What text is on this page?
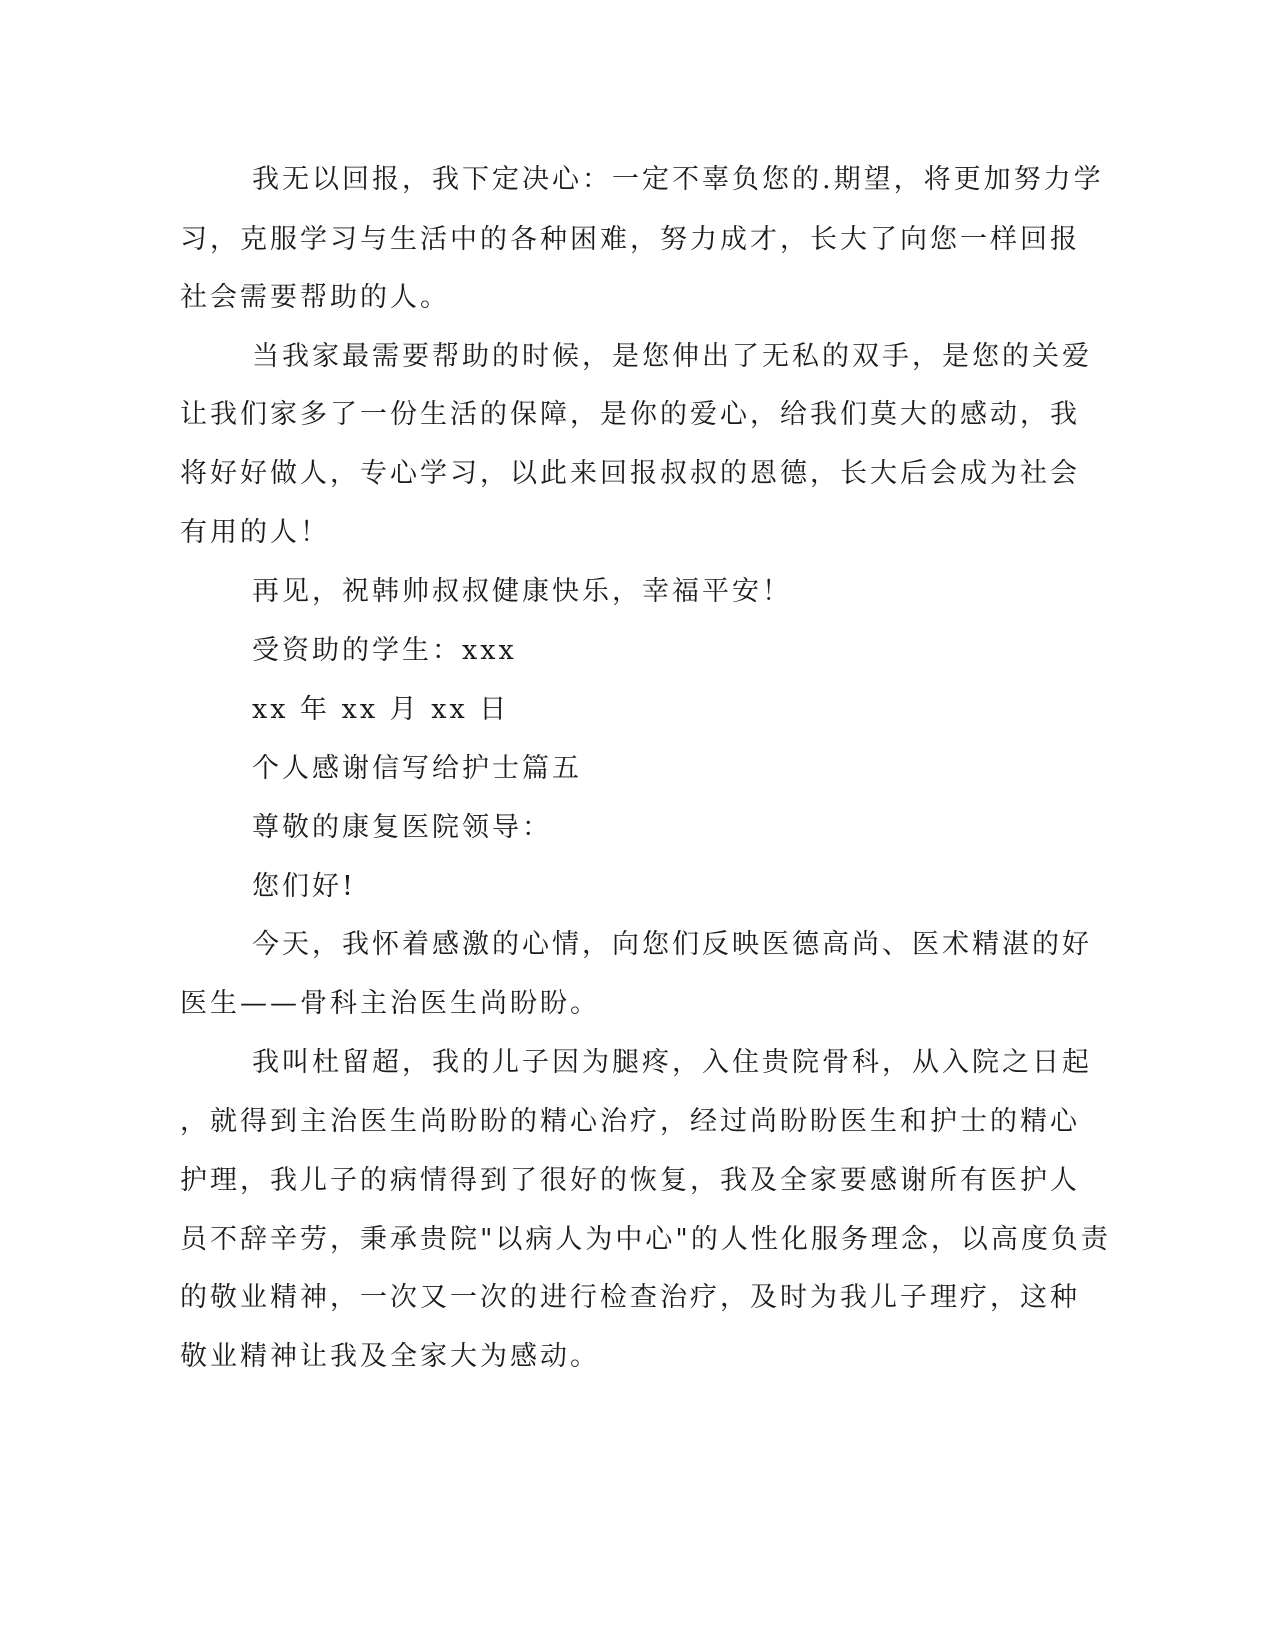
我无以回报，我下定决心：一定不辜负您的.期望，将更加努力学
习，克服学习与生活中的各种困难，努力成才，长大了向您一样回报
社会需要帮助的人。
当我家最需要帮助的时候，是您伸出了无私的双手，是您的关爱
让我们家多了一份生活的保障，是你的爱心，给我们莫大的感动，我
将好好做人，专心学习，以此来回报叔叔的恩德，长大后会成为社会
有用的人！
再见，祝韩帅叔叔健康快乐，幸福平安！
受资助的学生：xxx
xx 年 xx 月 xx 日
个人感谢信写给护士篇五
尊敬的康复医院领导：
您们好!
今天，我怀着感激的心情，向您们反映医德高尚、医术精湛的好
医生——骨科主治医生尚盼盼。
我叫杜留超，我的儿子因为腿疼，入住贵院骨科，从入院之日起
，就得到主治医生尚盼盼的精心治疗，经过尚盼盼医生和护士的精心
护理，我儿子的病情得到了很好的恢复，我及全家要感谢所有医护人
员不辞辛劳，秉承贵院"以病人为中心"的人性化服务理念，以高度负责
的敬业精神，一次又一次的进行检查治疗，及时为我儿子理疗，这种
敬业精神让我及全家大为感动。
